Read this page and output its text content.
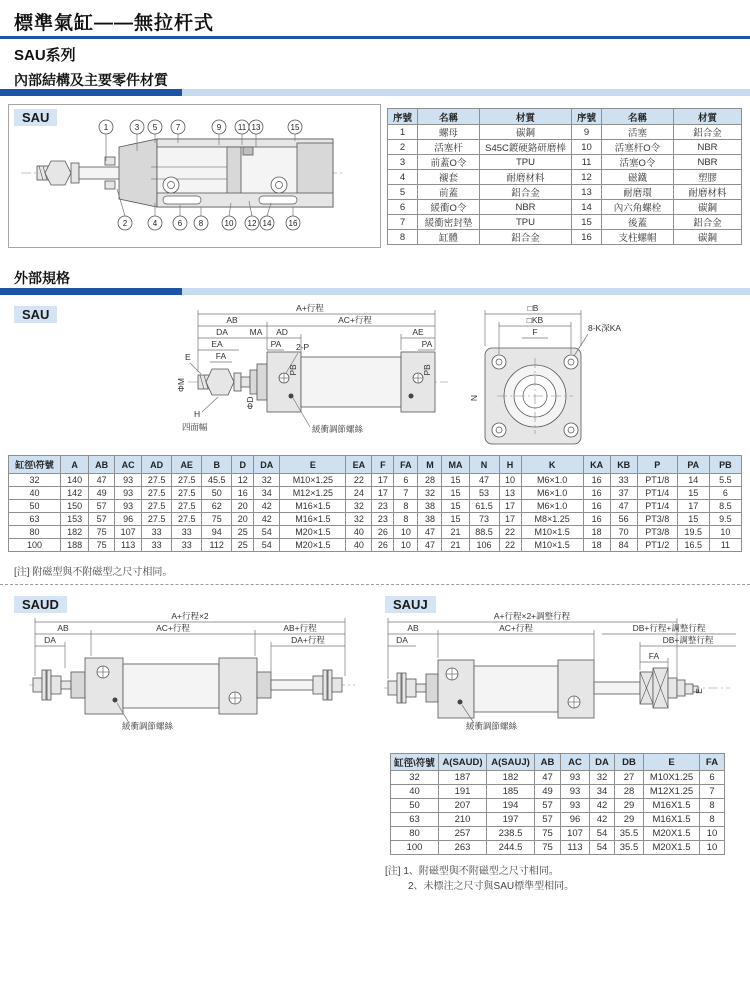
標準氣缸——無拉杆式
SAU系列
內部結構及主要零件材質
SAU
1	3 5 7	9 11 13	15
2	4	6 8	10 12 14 16
序號	名稱	材質	序號	名稱	材質
1	螺母	碳鋼	9	活塞	鋁合金
2	活塞杆	S45C鍍硬鉻研磨棒	10	活塞杆O令	NBR
3	前蓋O令	TPU	11	活塞O令	NBR
4	襯套	耐磨材料	12	磁鐵	塑膠
5	前蓋	鋁合金	13	耐磨環	耐磨材料
6	緩衝O令	NBR	14	內六角螺栓	碳鋼
7	緩衝密封墊	TPU	15	後蓋	鋁合金
8	缸體	鋁合金	16	支柱螺帽	碳鋼
外部規格
SAU	A+行程
AB	AC+行程
DA	MA AD	AE
EA
FA
PA	PA
2-P
E
ΦM
ΦD
PB	PB
H
四面幅	緩衝調節螺絲
□B
□KB
F	8-K深KA
N
缸徑\符號	A	AB	AC	AD	AE	B	D	DA	E	EA	F	FA	M	MA	N	H	K	KA	KB	P	PA	PB
32	140	47	93	27.5	27.5	45.5	12	32	M10×1.25	22	17	6	28	15	47	10	M6×1.0	16	33	PT1/8	14	5.5
40	142	49	93	27.5	27.5	50	16	34	M12×1.25	24	17	7	32	15	53	13	M6×1.0	16	37	PT1/4	15	6
50	150	57	93	27.5	27.5	62	20	42	M16×1.5	32	23	8	38	15	61.5	17	M6×1.0	16	47	PT1/4	17	8.5
63	153	57	96	27.5	27.5	75	20	42	M16×1.5	32	23	8	38	15	73	17	M8×1.25	16	56	PT3/8	15	9.5
80	182	75	107	33	33	94	25	54	M20×1.5	40	26	10	47	21	88.5	22	M10×1.5	18	70	PT3/8	19.5	10
100	188	75	113	33	33	112	25	54	M20×1.5	40	26	10	47	21	106	22	M10×1.5	18	84	PT1/2	16.5	11
[注] 附磁型與不附磁型之尺寸相同。
SAUD
A+行程×2
AB	AC+行程	AB+行程
DA	DA+行程
緩衝調節螺絲
SAUJ
A+行程×2+調整行程
AB	AC+行程	DB+行程+調整行程
DB+調整行程
DA
FA
E
緩衝調節螺絲
缸徑\符號	A(SAUD)	A(SAUJ)	AB	AC	DA	DB	E	FA
32	187	182	47	93	32	27	M10X1.25	6
40	191	185	49	93	34	28	M12X1.25	7
50	207	194	57	93	42	29	M16X1.5	8
63	210	197	57	96	42	29	M16X1.5	8
80	257	238.5	75	107	54	35.5	M20X1.5	10
100	263	244.5	75	113	54	35.5	M20X1.5	10
[注] 1、附磁型與不附磁型之尺寸相同。
2、未標注之尺寸與SAU標準型相同。
